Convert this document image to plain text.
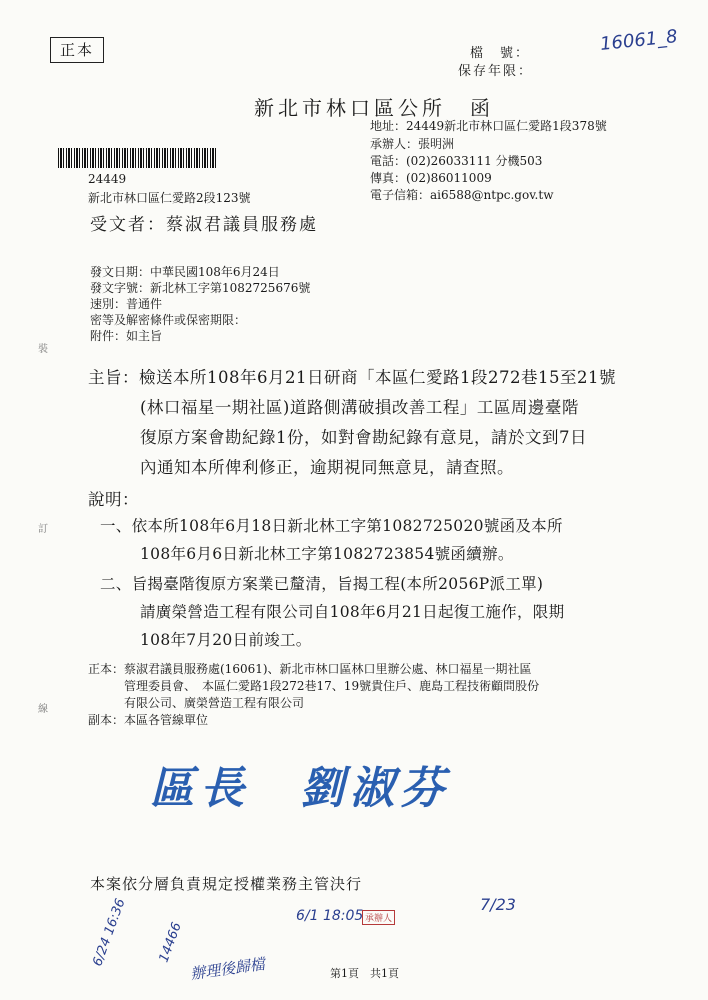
正本	檔　號：
保存年限：
16061_8
新北市林口區公所　函
地址：24449新北市林口區仁愛路1段378號
承辦人：張明洲
電話：(02)26033111 分機503
傳真：(02)86011009
電子信箱：ai6588@ntpc.gov.tw
24449
新北市林口區仁愛路2段123號
受文者：蔡淑君議員服務處
發文日期：中華民國108年6月24日
發文字號：新北林工字第1082725676號
速別：普通件
密等及解密條件或保密期限：
附件：如主旨
裝
訂
線
主旨：檢送本所108年6月21日研商「本區仁愛路1段272巷15至21號
(林口福星一期社區)道路側溝破損改善工程」工區周邊臺階
復原方案會勘紀錄1份，如對會勘紀錄有意見，請於文到7日
內通知本所俾利修正，逾期視同無意見，請查照。
說明：
一、依本所108年6月18日新北林工字第1082725020號函及本所
108年6月6日新北林工字第1082723854號函續辦。
二、旨揭臺階復原方案業已釐清，旨揭工程(本所2056P派工單)
請廣榮營造工程有限公司自108年6月21日起復工施作，限期
108年7月20日前竣工。
正本：蔡淑君議員服務處(16061)、新北市林口區林口里辦公處、林口福星一期社區
管理委員會、　本區仁愛路1段272巷17、19號貴住戶、鹿島工程技術顧問股份
有限公司、廣榮營造工程有限公司
副本：本區各管線單位
區長　劉淑芬
本案依分層負責規定授權業務主管決行
6/24 16:36 14466
6/1 18:05 承辦人
7/23
辦理後歸檔	第1頁　共1頁
